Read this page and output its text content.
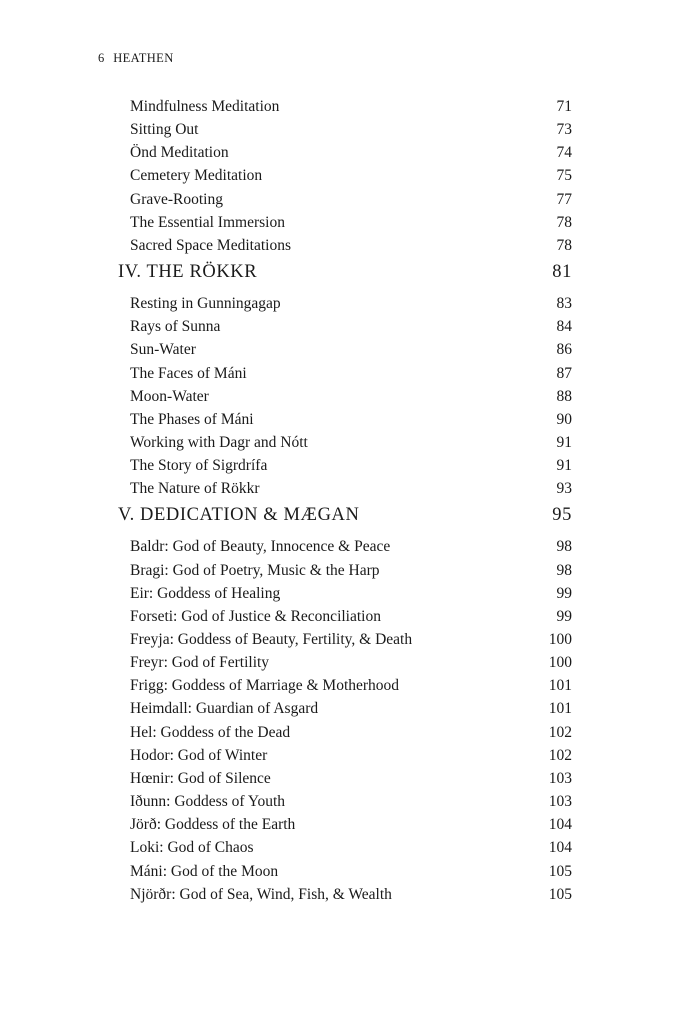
6 HEATHEN
Mindfulness Meditation	71
Sitting Out	73
Önd Meditation	74
Cemetery Meditation	75
Grave-Rooting	77
The Essential Immersion	78
Sacred Space Meditations	78
IV. THE RÖKKR	81
Resting in Gunningagap	83
Rays of Sunna	84
Sun-Water	86
The Faces of Máni	87
Moon-Water	88
The Phases of Máni	90
Working with Dagr and Nótt	91
The Story of Sigrdrífa	91
The Nature of Rökkr	93
V. DEDICATION & MÆGAN	95
Baldr: God of Beauty, Innocence & Peace	98
Bragi: God of Poetry, Music & the Harp	98
Eir: Goddess of Healing	99
Forseti: God of Justice & Reconciliation	99
Freyja: Goddess of Beauty, Fertility, & Death	100
Freyr: God of Fertility	100
Frigg: Goddess of Marriage & Motherhood	101
Heimdall: Guardian of Asgard	101
Hel: Goddess of the Dead	102
Hodor: God of Winter	102
Hœnir: God of Silence	103
Iðunn: Goddess of Youth	103
Jörð: Goddess of the Earth	104
Loki: God of Chaos	104
Máni: God of the Moon	105
Njörðr: God of Sea, Wind, Fish, & Wealth	105
